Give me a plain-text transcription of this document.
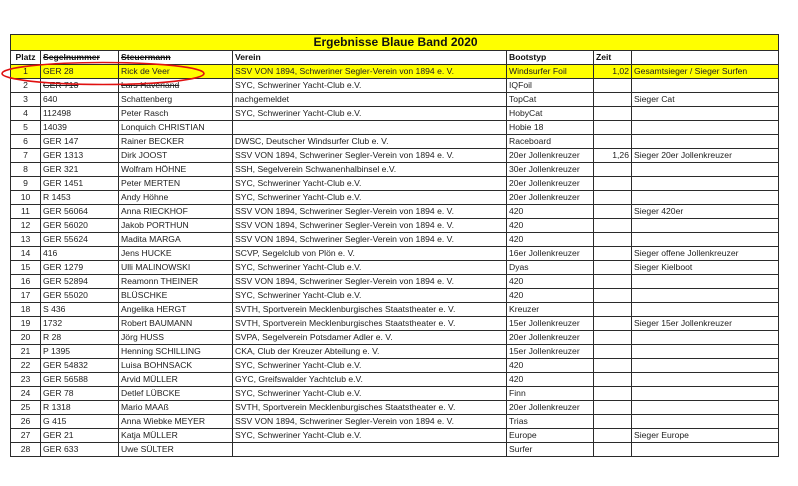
Ergebnisse Blaue Band 2020						
Platz	Segelnummer	Steuermann	Verein	Bootstyp	Zeit	
1	GER 28	Rick de Veer	SSV VON 1894, Schweriner Segler-Verein von 1894 e. V.	Windsurfer Foil	1,02	Gesamtsieger / Sieger Surfen
2	GER 713	Lars Haverland	SYC, Schweriner Yacht-Club e.V.	IQFoil		
3	640	Schattenberg	nachgemeldet	TopCat		Sieger Cat
4	112498	Peter Rasch	SYC, Schweriner Yacht-Club e.V.	HobyCat		
5	14039	Lonquich CHRISTIAN		Hobie 18		
6	GER 147	Rainer BECKER	DWSC, Deutscher Windsurfer Club e. V.	Raceboard		
7	GER 1313	Dirk JOOST	SSV VON 1894, Schweriner Segler-Verein von 1894 e. V.	20er Jollenkreuzer	1,26	Sieger 20er Jollenkreuzer
8	GER 321	Wolfram HÖHNE	SSH, Segelverein Schwanenhalbinsel e.V.	30er Jollenkreuzer		
9	GER 1451	Peter MERTEN	SYC, Schweriner Yacht-Club e.V.	20er Jollenkreuzer		
10	R 1453	Andy Höhne	SYC, Schweriner Yacht-Club e.V.	20er Jollenkreuzer		
11	GER 56064	Anna RIECKHOF	SSV VON 1894, Schweriner Segler-Verein von 1894 e. V.	420		Sieger 420er
12	GER 56020	Jakob PORTHUN	SSV VON 1894, Schweriner Segler-Verein von 1894 e. V.	420		
13	GER 55624	Madita MARGA	SSV VON 1894, Schweriner Segler-Verein von 1894 e. V.	420		
14	416	Jens HUCKE	SCVP, Segelclub von Plön e. V.	16er Jollenkreuzer		Sieger offene Jollenkreuzer
15	GER 1279	Ulli MALINOWSKI	SYC, Schweriner Yacht-Club e.V.	Dyas		Sieger Kielboot
16	GER 52894	Reamonn THEINER	SSV VON 1894, Schweriner Segler-Verein von 1894 e. V.	420		
17	GER 55020	BLÜSCHKE	SYC, Schweriner Yacht-Club e.V.	420		
18	S 436	Angelika HERGT	SVTH, Sportverein Mecklenburgisches Staatstheater e. V.	Kreuzer		
19	1732	Robert BAUMANN	SVTH, Sportverein Mecklenburgisches Staatstheater e. V.	15er Jollenkreuzer		Sieger 15er Jollenkreuzer
20	R 28	Jörg HUSS	SVPA, Segelverein Potsdamer Adler e. V.	20er Jollenkreuzer		
21	P 1395	Henning SCHILLING	CKA, Club der Kreuzer Abteilung e. V.	15er Jollenkreuzer		
22	GER 54832	Luisa BOHNSACK	SYC, Schweriner Yacht-Club e.V.	420		
23	GER 56588	Arvid MÜLLER	GYC, Greifswalder Yachtclub e.V.	420		
24	GER 78	Detlef LÜBCKE	SYC, Schweriner Yacht-Club e.V.	Finn		
25	R 1318	Mario MAAß	SVTH, Sportverein Mecklenburgisches Staatstheater e. V.	20er Jollenkreuzer		
26	G 415	Anna Wiebke MEYER	SSV VON 1894, Schweriner Segler-Verein von 1894 e. V.	Trias		
27	GER 21	Katja MÜLLER	SYC, Schweriner Yacht-Club e.V.	Europe		Sieger Europe
28	GER 633	Uwe SÜLTER		Surfer		
